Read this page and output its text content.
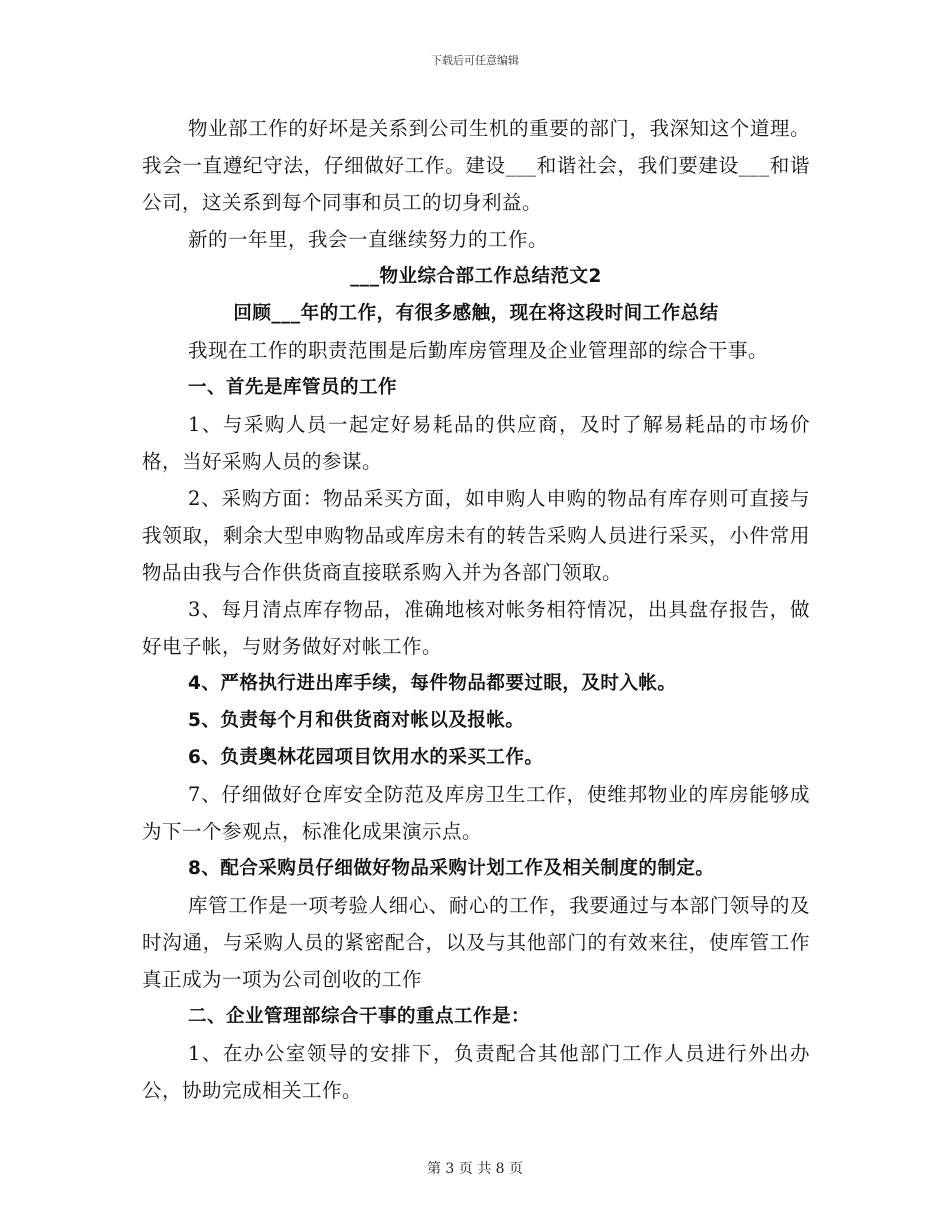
下载后可任意编辑

物业部工作的好坏是关系到公司生机的重要的部门，我深知这个道理。我会一直遵纪守法，仔细做好工作。建设___和谐社会，我们要建设___和谐公司，这关系到每个同事和员工的切身利益。

新的一年里，我会一直继续努力的工作。

___物业综合部工作总结范文2

回顾___年的工作，有很多感触，现在将这段时间工作总结

我现在工作的职责范围是后勤库房管理及企业管理部的综合干事。

一、首先是库管员的工作

1、与采购人员一起定好易耗品的供应商，及时了解易耗品的市场价格，当好采购人员的参谋。

2、采购方面：物品采买方面，如申购人申购的物品有库存则可直接与我领取，剩余大型申购物品或库房未有的转告采购人员进行采买，小件常用物品由我与合作供货商直接联系购入并为各部门领取。

3、每月清点库存物品，准确地核对帐务相符情况，出具盘存报告，做好电子帐，与财务做好对帐工作。

4、严格执行进出库手续，每件物品都要过眼，及时入帐。

5、负责每个月和供货商对帐以及报帐。

6、负责奥林花园项目饮用水的采买工作。

7、仔细做好仓库安全防范及库房卫生工作，使维邦物业的库房能够成为下一个参观点，标准化成果演示点。

8、配合采购员仔细做好物品采购计划工作及相关制度的制定。

库管工作是一项考验人细心、耐心的工作，我要通过与本部门领导的及时沟通，与采购人员的紧密配合，以及与其他部门的有效来往，使库管工作真正成为一项为公司创收的工作

二、企业管理部综合干事的重点工作是：

1、在办公室领导的安排下，负责配合其他部门工作人员进行外出办公，协助完成相关工作。

第 3 页 共 8 页
